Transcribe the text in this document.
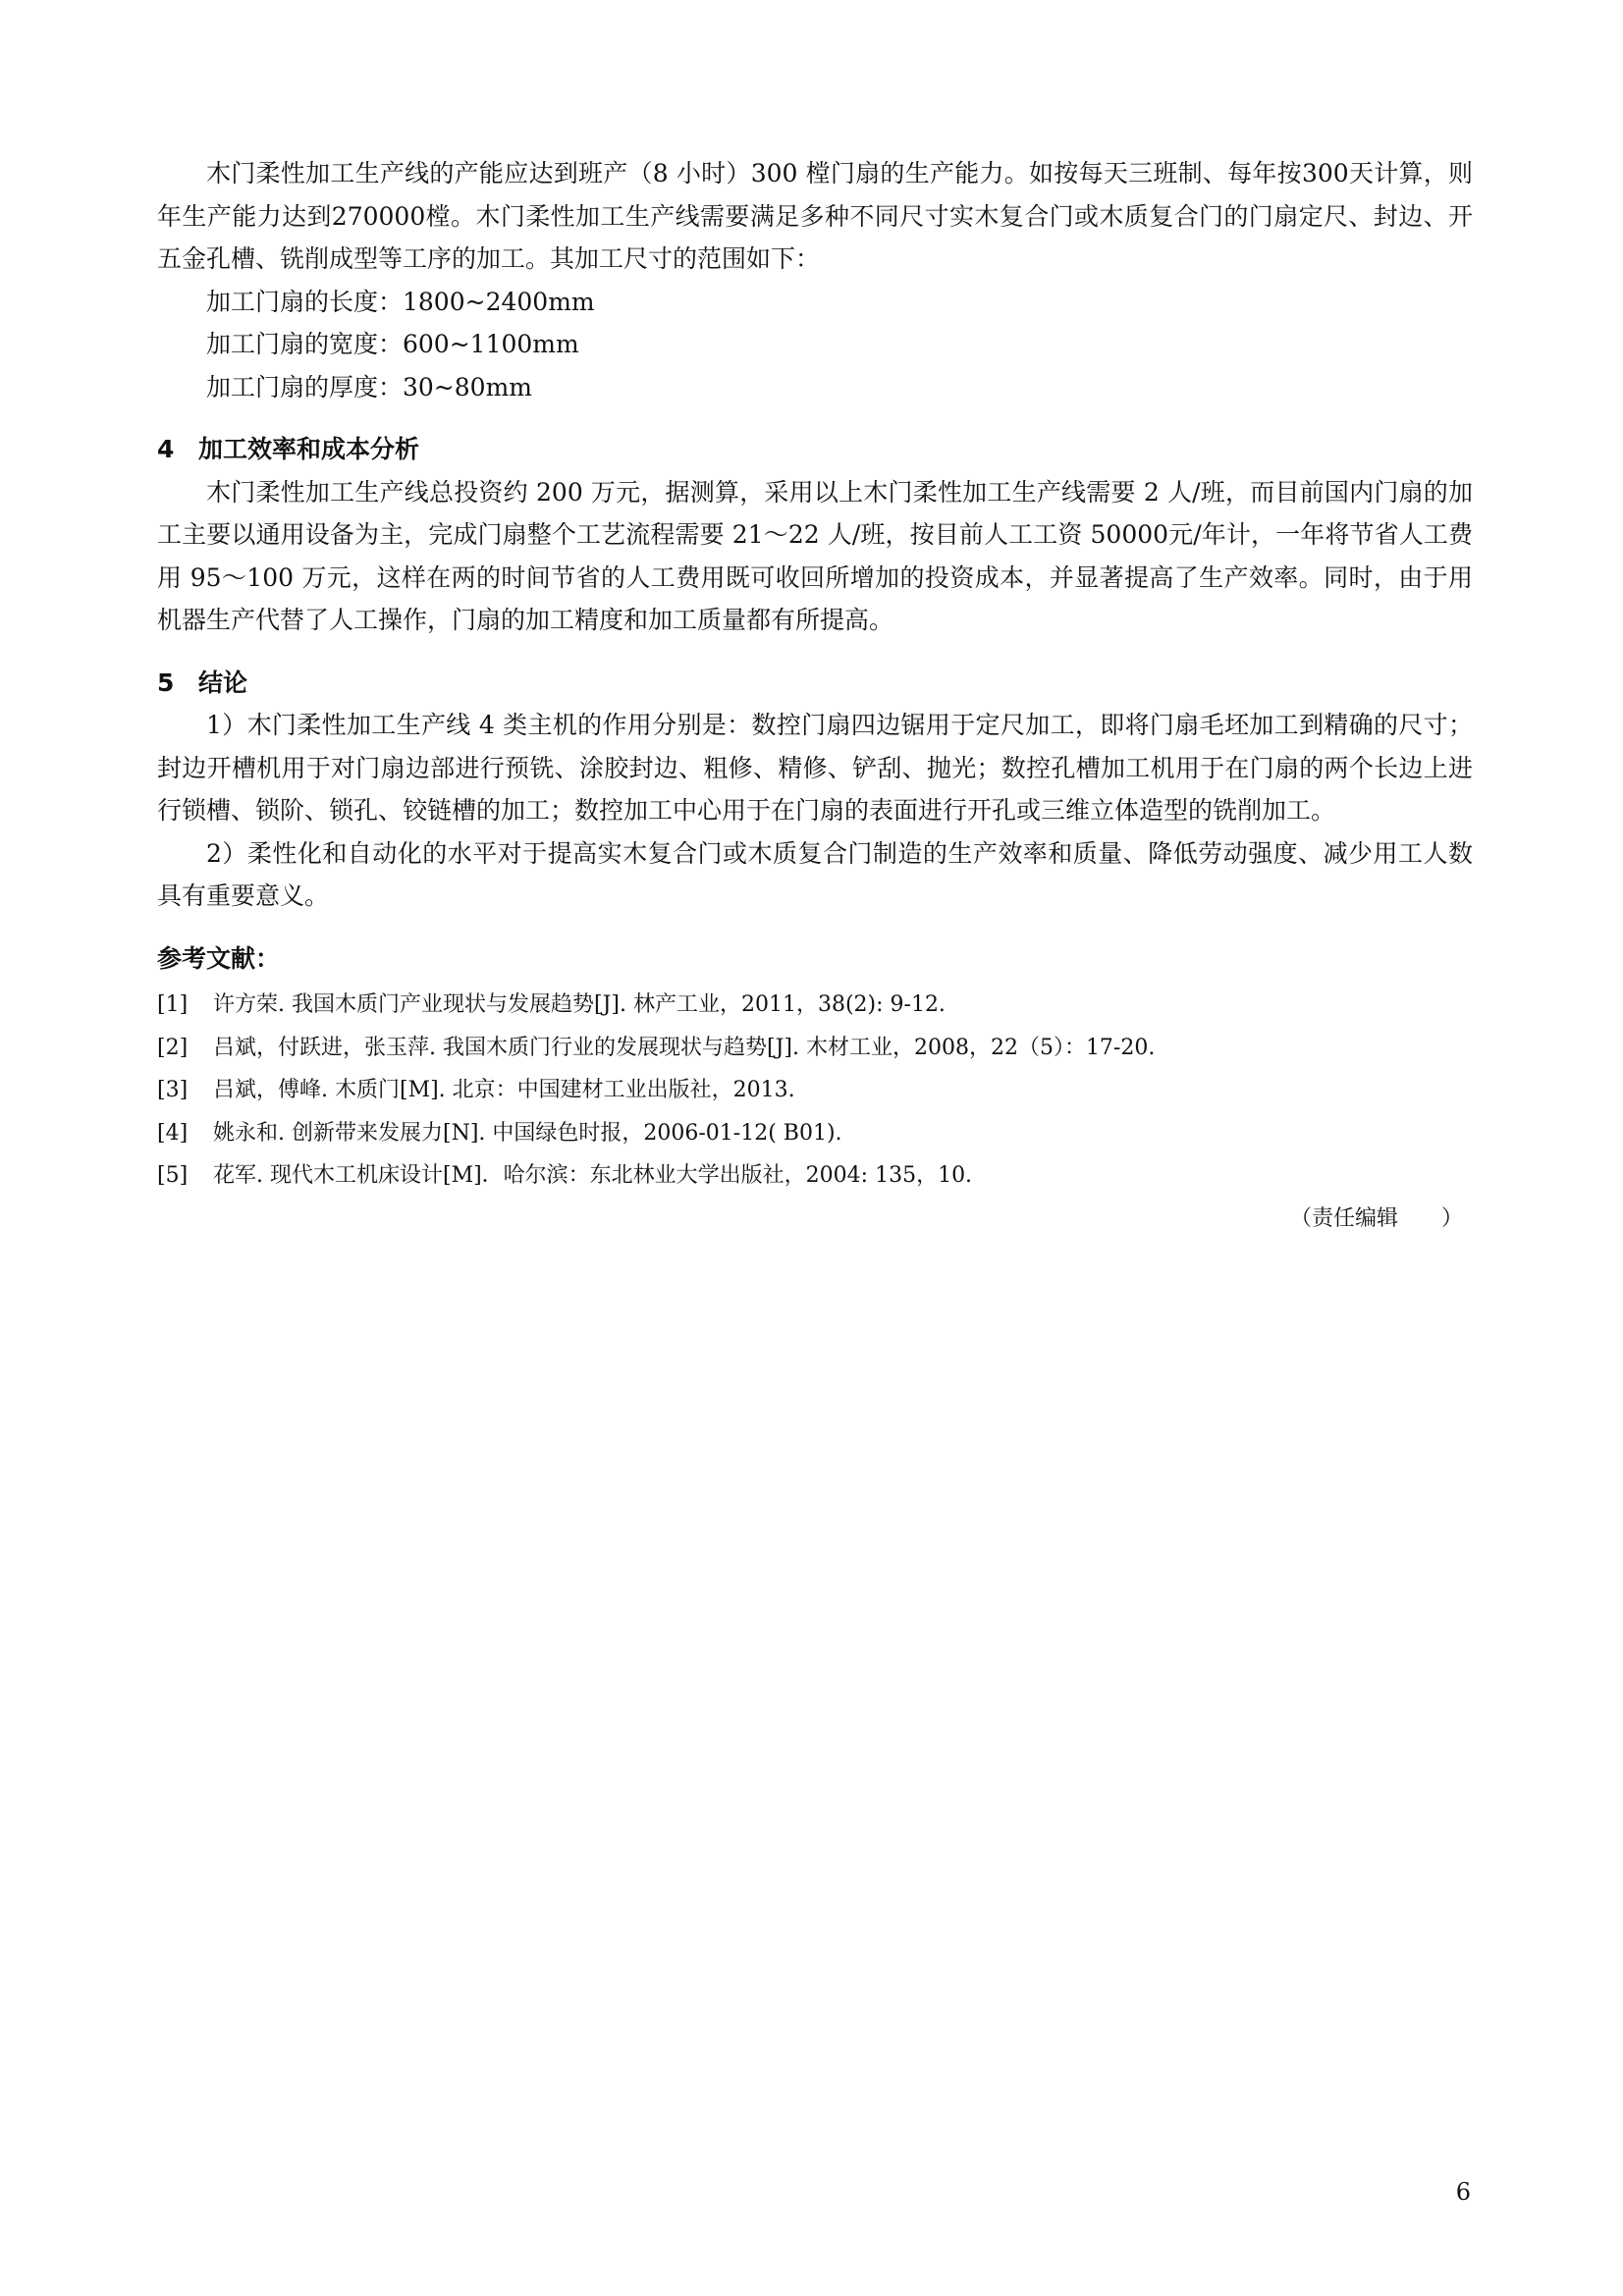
木门柔性加工生产线的产能应达到班产（8 小时）300 樘门扇的生产能力。如按每天三班制、每年按300天计算，则年生产能力达到270000樘。木门柔性加工生产线需要满足多种不同尺寸实木复合门或木质复合门的门扇定尺、封边、开五金孔槽、铣削成型等工序的加工。其加工尺寸的范围如下：

加工门扇的长度：1800~2400mm

加工门扇的宽度：600~1100mm

加工门扇的厚度：30~80mm

4 加工效率和成本分析

木门柔性加工生产线总投资约 200 万元，据测算，采用以上木门柔性加工生产线需要 2 人/班，而目前国内门扇的加工主要以通用设备为主，完成门扇整个工艺流程需要 21～22 人/班，按目前人工工资 50000元/年计，一年将节省人工费用 95～100 万元，这样在两的时间节省的人工费用既可收回所增加的投资成本，并显著提高了生产效率。同时，由于用机器生产代替了人工操作，门扇的加工精度和加工质量都有所提高。

5 结论

1）木门柔性加工生产线 4 类主机的作用分别是：数控门扇四边锯用于定尺加工，即将门扇毛坯加工到精确的尺寸；封边开槽机用于对门扇边部进行预铣、涂胶封边、粗修、精修、铲刮、抛光；数控孔槽加工机用于在门扇的两个长边上进行锁槽、锁阶、锁孔、铰链槽的加工；数控加工中心用于在门扇的表面进行开孔或三维立体造型的铣削加工。

2）柔性化和自动化的水平对于提高实木复合门或木质复合门制造的生产效率和质量、降低劳动强度、减少用工人数具有重要意义。

参考文献：
[1]	许方荣. 我国木质门产业现状与发展趋势[J]. 林产工业，2011，38(2): 9-12.
[2]	吕斌，付跃进，张玉萍. 我国木质门行业的发展现状与趋势[J]. 木材工业，2008，22（5）：17-20.
[3]	吕斌，傅峰. 木质门[M]. 北京：中国建材工业出版社，2013.
[4]	姚永和. 创新带来发展力[N]. 中国绿色时报，2006-01-12( B01).
[5]	花军. 现代木工机床设计[M]．哈尔滨：东北林业大学出版社，2004: 135，10.

（责任编辑　　）

6
